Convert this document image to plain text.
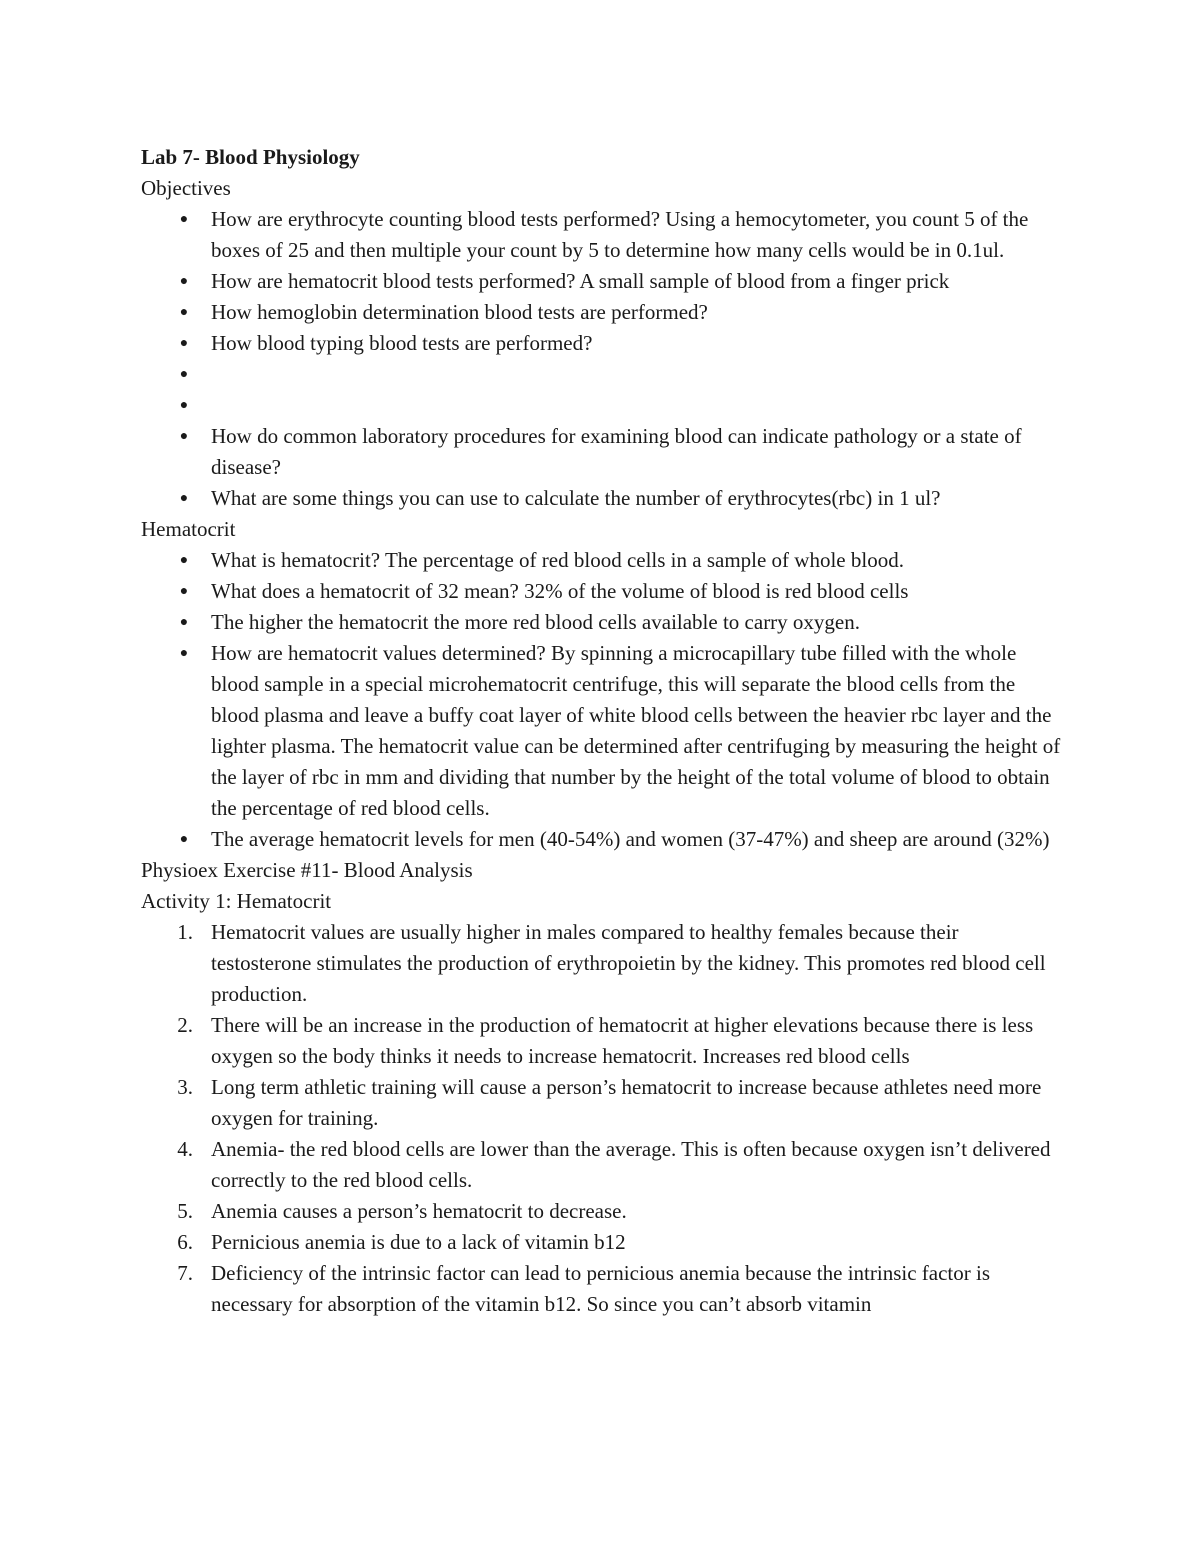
Lab 7- Blood Physiology

Objectives

● How are erythrocyte counting blood tests performed? Using a hemocytometer, you count 5 of the boxes of 25 and then multiple your count by 5 to determine how many cells would be in 0.1ul.
● How are hematocrit blood tests performed? A small sample of blood from a finger prick
● How hemoglobin determination blood tests are performed?
● How blood typing blood tests are performed?
●
●
● How do common laboratory procedures for examining blood can indicate pathology or a state of disease?
● What are some things you can use to calculate the number of erythrocytes(rbc) in 1 ul?

Hematocrit

● What is hematocrit? The percentage of red blood cells in a sample of whole blood.
● What does a hematocrit of 32 mean? 32% of the volume of blood is red blood cells
● The higher the hematocrit the more red blood cells available to carry oxygen.
● How are hematocrit values determined? By spinning a microcapillary tube filled with the whole blood sample in a special microhematocrit centrifuge, this will separate the blood cells from the blood plasma and leave a buffy coat layer of white blood cells between the heavier rbc layer and the lighter plasma. The hematocrit value can be determined after centrifuging by measuring the height of the layer of rbc in mm and dividing that number by the height of the total volume of blood to obtain the percentage of red blood cells.
● The average hematocrit levels for men (40-54%) and women (37-47%) and sheep are around (32%)

Physioex Exercise #11- Blood Analysis

Activity 1: Hematocrit

1. Hematocrit values are usually higher in males compared to healthy females because their testosterone stimulates the production of erythropoietin by the kidney. This promotes red blood cell production.
2. There will be an increase in the production of hematocrit at higher elevations because there is less oxygen so the body thinks it needs to increase hematocrit. Increases red blood cells
3. Long term athletic training will cause a person’s hematocrit to increase because athletes need more oxygen for training.
4. Anemia- the red blood cells are lower than the average. This is often because oxygen isn’t delivered correctly to the red blood cells.
5. Anemia causes a person’s hematocrit to decrease.
6. Pernicious anemia is due to a lack of vitamin b12
7. Deficiency of the intrinsic factor can lead to pernicious anemia because the intrinsic factor is necessary for absorption of the vitamin b12. So since you can’t absorb vitamin
